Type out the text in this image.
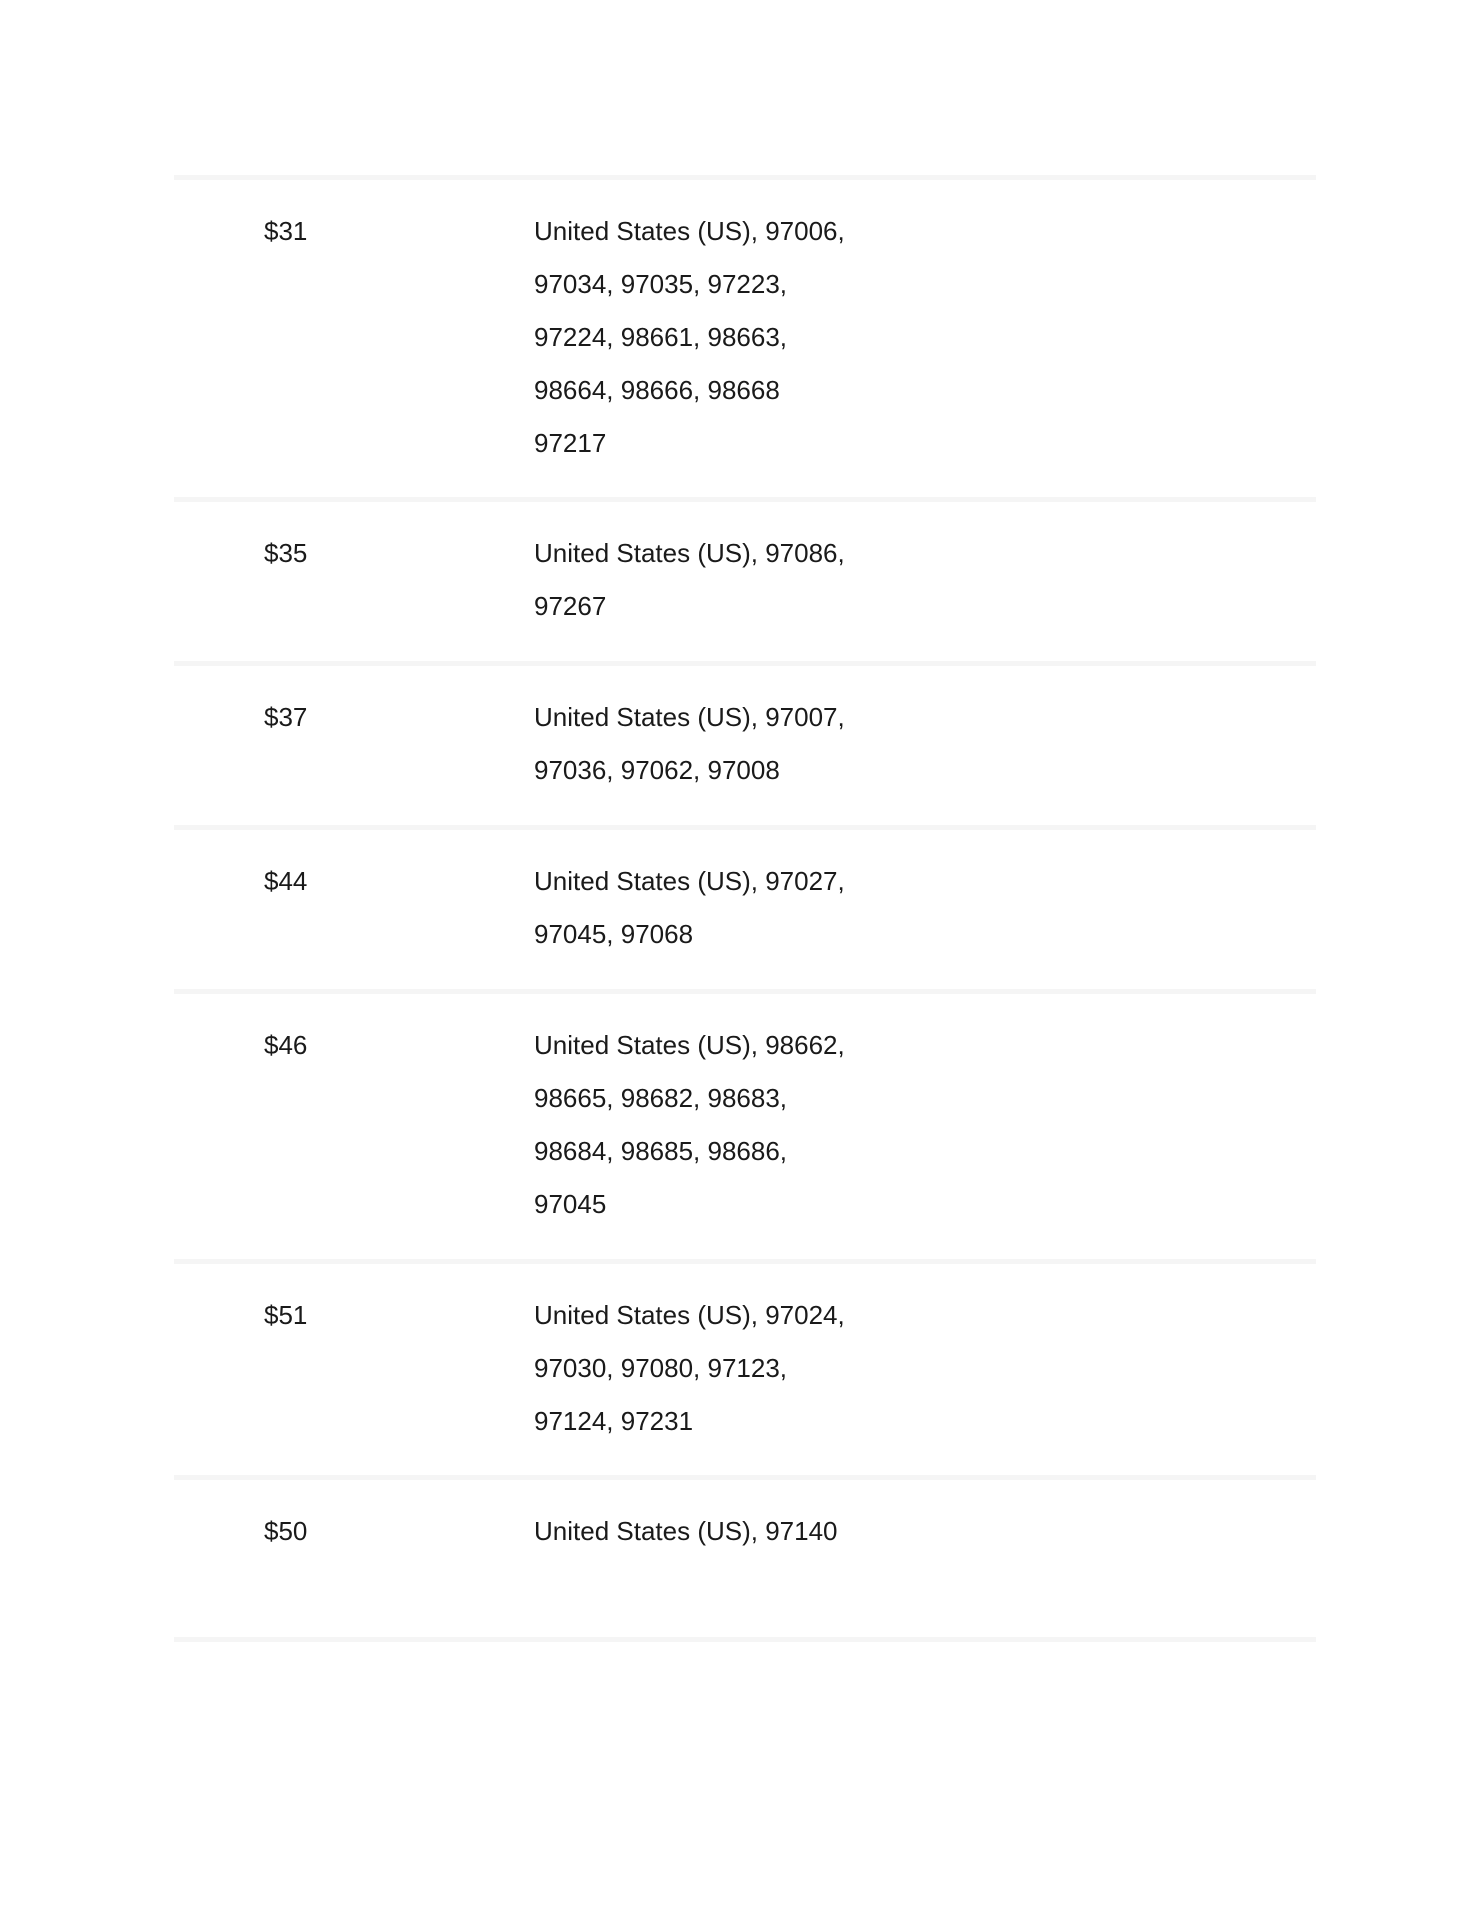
$31	United States (US), 97006,
97034, 97035, 97223,
97224, 98661, 98663,
98664, 98666, 98668
97217
$35	United States (US), 97086,
97267
$37	United States (US), 97007,
97036, 97062, 97008
$44	United States (US), 97027,
97045, 97068
$46	United States (US), 98662,
98665, 98682, 98683,
98684, 98685, 98686,
97045
$51	United States (US), 97024,
97030, 97080, 97123,
97124, 97231
$50	United States (US), 97140
